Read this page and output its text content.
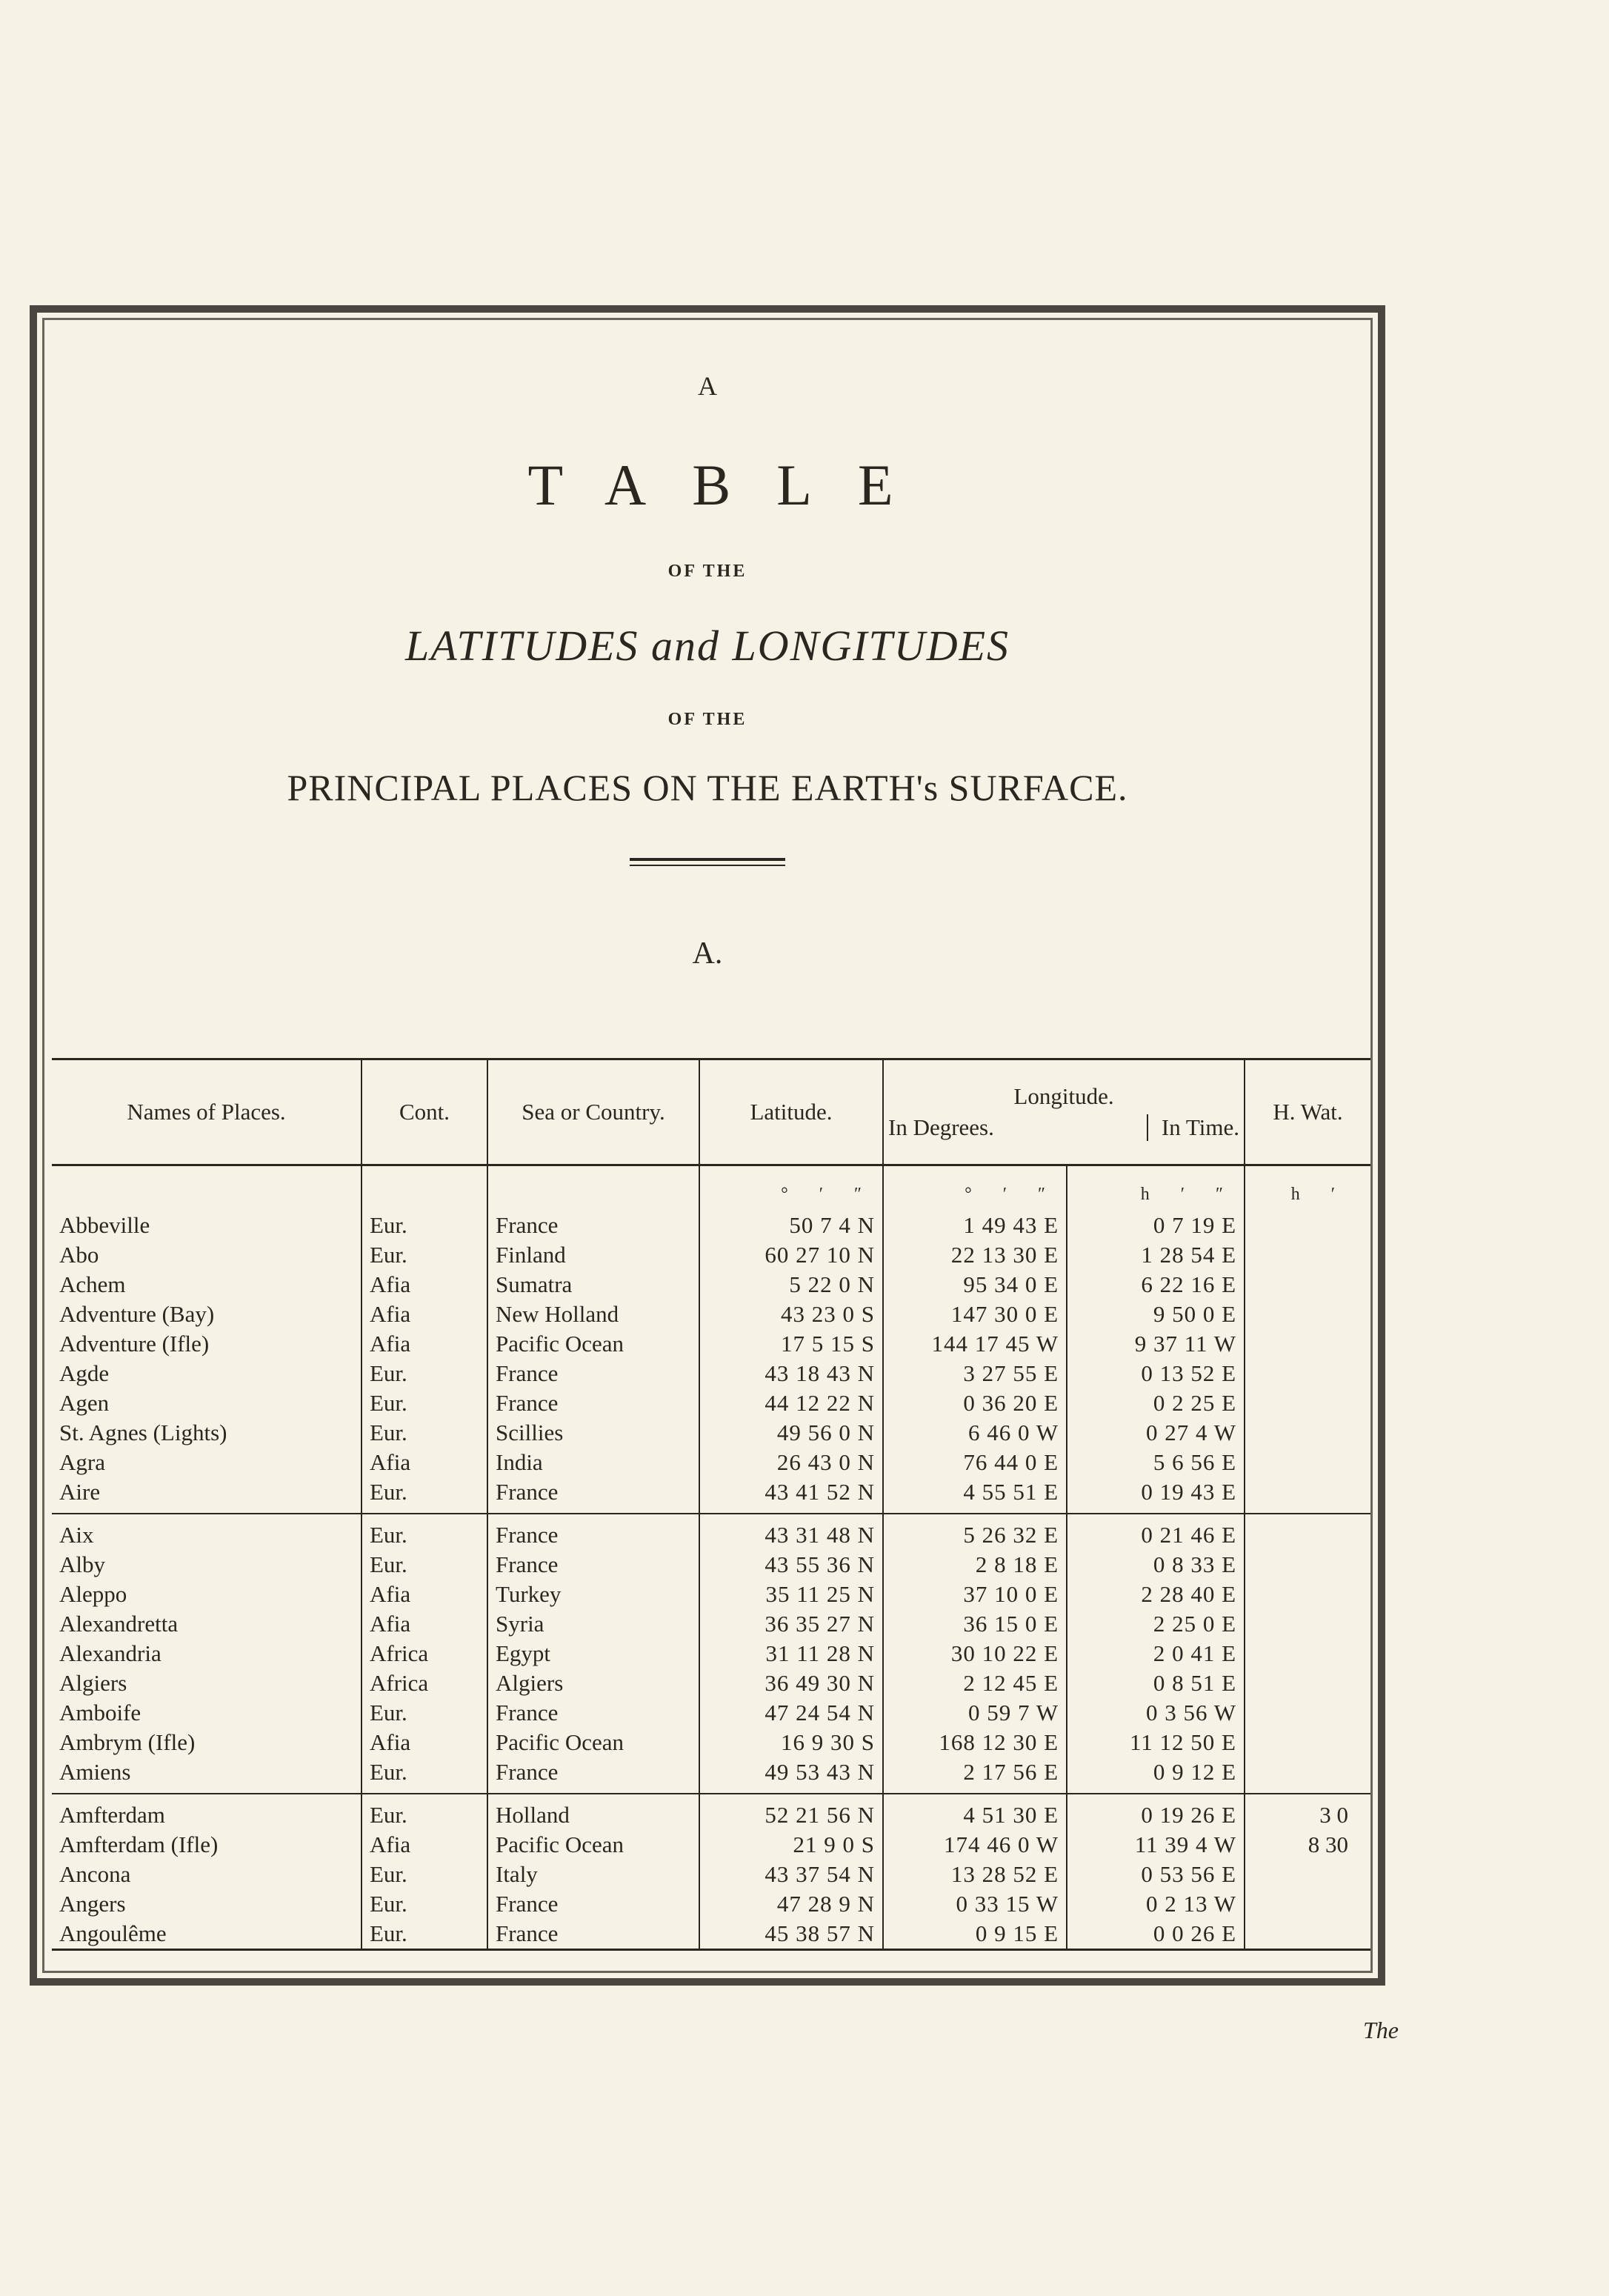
A
TABLE
OF THE
LATITUDES and LONGITUDES
OF THE
PRINCIPAL PLACES ON THE EARTH's SURFACE.
A.
Names of Places.	Cont.	Sea or Country.	Latitude.	Longitude.
In Degrees. In Time.		H. Wat.
			° ′ ″	° ′ ″	h ′ ″	h ′
Abbeville	Eur.	France	50 7 4 N	1 49 43 E	0 7 19 E	
Abo	Eur.	Finland	60 27 10 N	22 13 30 E	1 28 54 E	
Achem	Afia	Sumatra	5 22 0 N	95 34 0 E	6 22 16 E	
Adventure (Bay)	Afia	New Holland	43 23 0 S	147 30 0 E	9 50 0 E	
Adventure (Ifle)	Afia	Pacific Ocean	17 5 15 S	144 17 45 W	9 37 11 W	
Agde	Eur.	France	43 18 43 N	3 27 55 E	0 13 52 E	
Agen	Eur.	France	44 12 22 N	0 36 20 E	0 2 25 E	
St. Agnes (Lights)	Eur.	Scillies	49 56 0 N	6 46 0 W	0 27 4 W	
Agra	Afia	India	26 43 0 N	76 44 0 E	5 6 56 E	
Aire	Eur.	France	43 41 52 N	4 55 51 E	0 19 43 E	
Aix	Eur.	France	43 31 48 N	5 26 32 E	0 21 46 E	
Alby	Eur.	France	43 55 36 N	2 8 18 E	0 8 33 E	
Aleppo	Afia	Turkey	35 11 25 N	37 10 0 E	2 28 40 E	
Alexandretta	Afia	Syria	36 35 27 N	36 15 0 E	2 25 0 E	
Alexandria	Africa	Egypt	31 11 28 N	30 10 22 E	2 0 41 E	
Algiers	Africa	Algiers	36 49 30 N	2 12 45 E	0 8 51 E	
Amboife	Eur.	France	47 24 54 N	0 59 7 W	0 3 56 W	
Ambrym (Ifle)	Afia	Pacific Ocean	16 9 30 S	168 12 30 E	11 12 50 E	
Amiens	Eur.	France	49 53 43 N	2 17 56 E	0 9 12 E	
Amfterdam	Eur.	Holland	52 21 56 N	4 51 30 E	0 19 26 E	3 0
Amfterdam (Ifle)	Afia	Pacific Ocean	21 9 0 S	174 46 0 W	11 39 4 W	8 30
Ancona	Eur.	Italy	43 37 54 N	13 28 52 E	0 53 56 E	
Angers	Eur.	France	47 28 9 N	0 33 15 W	0 2 13 W	
Angoulême	Eur.	France	45 38 57 N	0 9 15 E	0 0 26 E	
The
